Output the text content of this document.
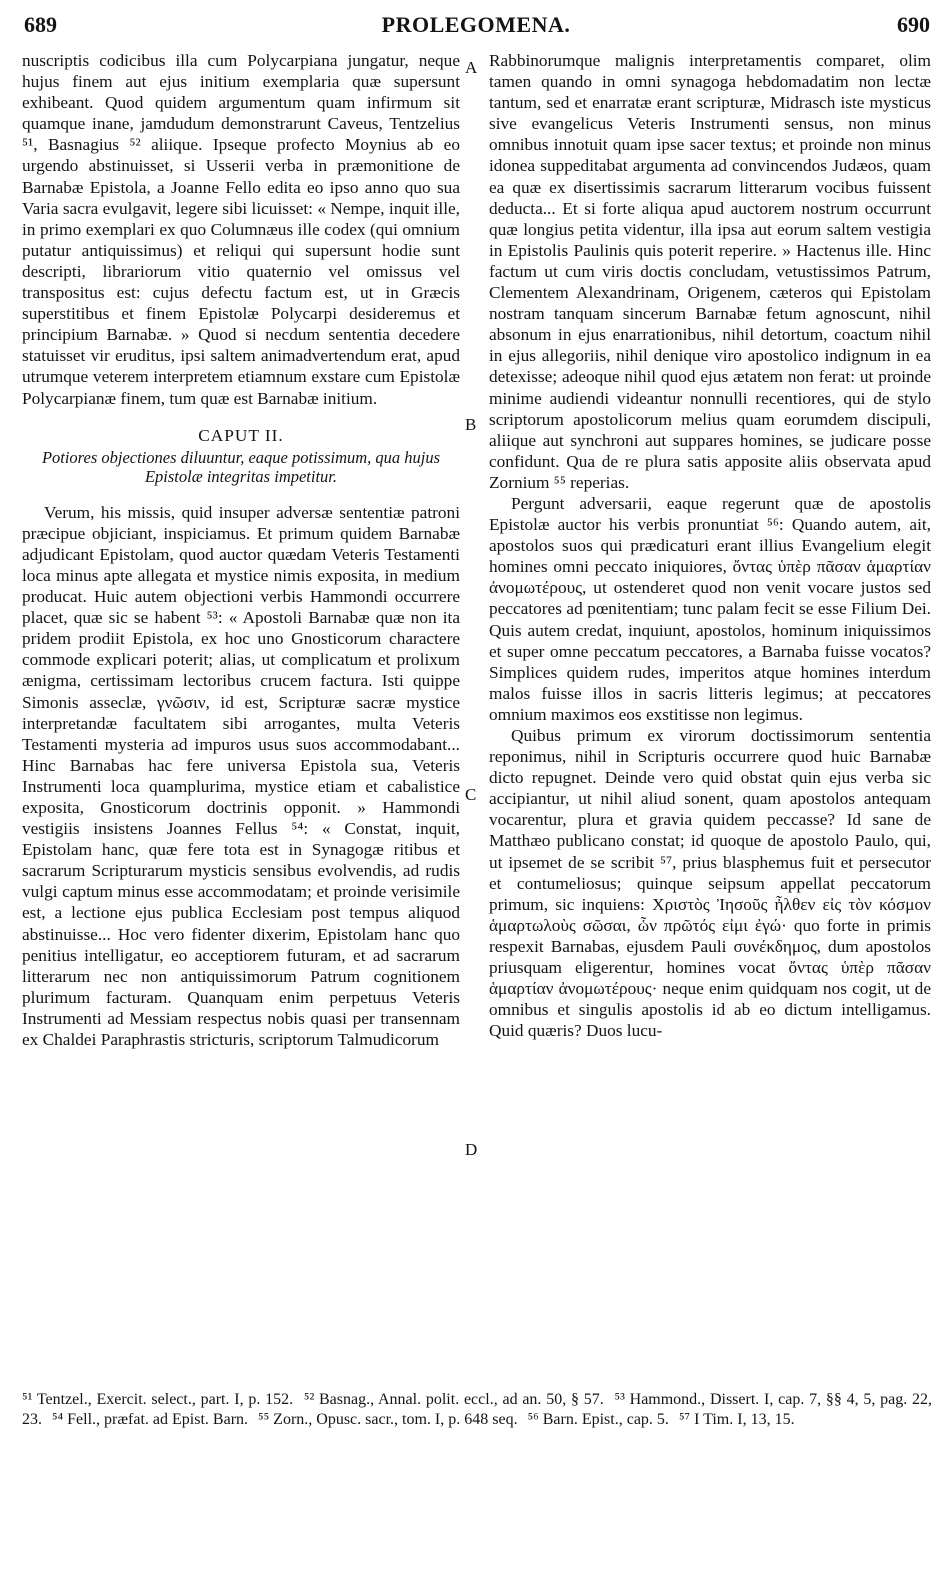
689	PROLEGOMENA.	690

nuscriptis codicibus illa cum Polycarpiana jungatur, neque hujus finem aut ejus initium exemplaria quæ supersunt exhibeant. Quod quidem argumentum quam infirmum sit quamque inane, jamdudum demonstrarunt Caveus, Tentzelius ⁵¹, Basnagius ⁵² aliique. Ipseque profecto Moynius ab eo urgendo abstinuisset, si Usserii verba in præmonitione de Barnabæ Epistola, a Joanne Fello edita eo ipso anno quo sua Varia sacra evulgavit, legere sibi licuisset: « Nempe, inquit ille, in primo exemplari ex quo Columnæus ille codex (qui omnium putatur antiquissimus) et reliqui qui supersunt hodie sunt descripti, librariorum vitio quaternio vel omissus vel transpositus est: cujus defectu factum est, ut in Græcis superstitibus et finem Epistolæ Polycarpi desideremus et principium Barnabæ. » Quod si necdum sententia decedere statuisset vir eruditus, ipsi saltem animadvertendum erat, apud utrumque veterem interpretem etiamnum exstare cum Epistolæ Polycarpianæ finem, tum quæ est Barnabæ initium.

CAPUT II.
Potiores objectiones diluuntur, eaque potissimum, qua hujus Epistolæ integritas impetitur.

Verum, his missis, quid insuper adversæ sententiæ patroni præcipue objiciant, inspiciamus. Et primum quidem Barnabæ adjudicant Epistolam, quod auctor quædam Veteris Testamenti loca minus apte allegata et mystice nimis exposita, in medium producat. Huic autem objectioni verbis Hammondi occurrere placet, quæ sic se habent ⁵³: « Apostoli Barnabæ quæ non ita pridem prodiit Epistola, ex hoc uno Gnosticorum charactere commode explicari poterit; alias, ut complicatum et prolixum ænigma, certissimam lectoribus crucem factura. Isti quippe Simonis asseclæ, γνῶσιν, id est, Scripturæ sacræ mystice interpretandæ facultatem sibi arrogantes, multa Veteris Testamenti mysteria ad impuros usus suos accommodabant... Hinc Barnabas hac fere universa Epistola sua, Veteris Instrumenti loca quamplurima, mystice etiam et cabalistice exposita, Gnosticorum doctrinis opponit. » Hammondi vestigiis insistens Joannes Fellus ⁵⁴: « Constat, inquit, Epistolam hanc, quæ fere tota est in Synagogæ ritibus et sacrarum Scripturarum mysticis sensibus evolvendis, ad rudis vulgi captum minus esse accommodatam; et proinde verisimile est, a lectione ejus publica Ecclesiam post tempus aliquod abstinuisse... Hoc vero fidenter dixerim, Epistolam hanc quo penitius intelligatur, eo acceptiorem futuram, et ad sacrarum litterarum nec non antiquissimorum Patrum cognitionem plurimum facturam. Quanquam enim perpetuus Veteris Instrumenti ad Messiam respectus nobis quasi per transennam ex Chaldei Paraphrastis stricturis, scriptorum Talmudicorum

A
B
C
D

Rabbinorumque malignis interpretamentis comparet, olim tamen quando in omni synagoga hebdomadatim non lectæ tantum, sed et enarratæ erant scripturæ, Midrasch iste mysticus sive evangelicus Veteris Instrumenti sensus, non minus omnibus innotuit quam ipse sacer textus; et proinde non minus idonea suppeditabat argumenta ad convincendos Judæos, quam ea quæ ex disertissimis sacrarum litterarum vocibus fuissent deducta... Et si forte aliqua apud auctorem nostrum occurrunt quæ longius petita videntur, illa ipsa aut eorum saltem vestigia in Epistolis Paulinis quis poterit reperire. » Hactenus ille. Hinc factum ut cum viris doctis concludam, vetustissimos Patrum, Clementem Alexandrinam, Origenem, cæteros qui Epistolam nostram tanquam sincerum Barnabæ fetum agnoscunt, nihil absonum in ejus enarrationibus, nihil detortum, coactum nihil in ejus allegoriis, nihil denique viro apostolico indignum in ea detexisse; adeoque nihil quod ejus ætatem non ferat: ut proinde minime audiendi videantur nonnulli recentiores, qui de stylo scriptorum apostolicorum melius quam eorumdem discipuli, aliique aut synchroni aut suppares homines, se judicare posse confidunt. Qua de re plura satis apposite aliis observata apud Zornium ⁵⁵ reperias.

Pergunt adversarii, eaque regerunt quæ de apostolis Epistolæ auctor his verbis pronuntiat ⁵⁶: Quando autem, ait, apostolos suos qui prædicaturi erant illius Evangelium elegit homines omni peccato iniquiores, ὄντας ὑπὲρ πᾶσαν ἁμαρτίαν ἀνομωτέρους, ut ostenderet quod non venit vocare justos sed peccatores ad pœnitentiam; tunc palam fecit se esse Filium Dei. Quis autem credat, inquiunt, apostolos, hominum iniquissimos et super omne peccatum peccatores, a Barnaba fuisse vocatos? Simplices quidem rudes, imperitos atque homines interdum malos fuisse illos in sacris litteris legimus; at peccatores omnium maximos eos exstitisse non legimus.

Quibus primum ex virorum doctissimorum sententia reponimus, nihil in Scripturis occurrere quod huic Barnabæ dicto repugnet. Deinde vero quid obstat quin ejus verba sic accipiantur, ut nihil aliud sonent, quam apostolos antequam vocarentur, plura et gravia quidem peccasse? Id sane de Matthæo publicano constat; id quoque de apostolo Paulo, qui, ut ipsemet de se scribit ⁵⁷, prius blasphemus fuit et persecutor et contumeliosus; quinque seipsum appellat peccatorum primum, sic inquiens: Χριστὸς Ἰησοῦς ἦλθεν εἰς τὸν κόσμον ἁμαρτωλοὺς σῶσαι, ὧν πρῶτός εἰμι ἐγώ· quo forte in primis respexit Barnabas, ejusdem Pauli συνέκδημος, dum apostolos priusquam eligerentur, homines vocat ὄντας ὑπὲρ πᾶσαν ἁμαρτίαν ἀνομωτέρους· neque enim quidquam nos cogit, ut de omnibus et singulis apostolis id ab eo dictum intelligamus. Quid quæris? Duos lucu-

⁵¹ Tentzel., Exercit. select., part. I, p. 152. ⁵² Basnag., Annal. polit. eccl., ad an. 50, § 57. ⁵³ Hammond., Dissert. I, cap. 7, §§ 4, 5, pag. 22, 23. ⁵⁴ Fell., præfat. ad Epist. Barn. ⁵⁵ Zorn., Opusc. sacr., tom. I, p. 648 seq. ⁵⁶ Barn. Epist., cap. 5. ⁵⁷ I Tim. I, 13, 15.
